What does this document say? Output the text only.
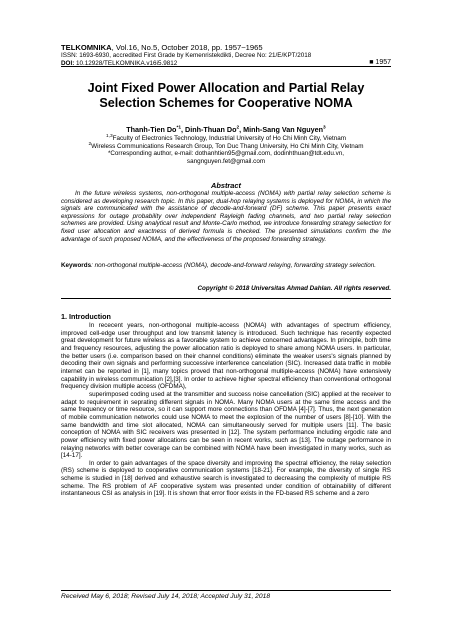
TELKOMNIKA, Vol.16, No.5, October 2018, pp. 1957~1965
ISSN: 1693-6930, accredited First Grade by Kemenristekdikti, Decree No: 21/E/KPT/2018
DOI: 10.12928/TELKOMNIKA.v16i5.9812	■ 1957
Joint Fixed Power Allocation and Partial Relay
Selection Schemes for Cooperative NOMA
Thanh-Tien Do$^{*1}$, Dinh-Thuan Do$^2$, Minh-Sang Van Nguyen$^3$
$^{1,3}$Faculty of Electronics Technology, Industrial University of Ho Chi Minh City, Vietnam
$^2$Wireless Communications Research Group, Ton Duc Thang University, Ho Chi Minh City, Vietnam
*Corresponding author, e-mail: dothanhtien95@gmail.com, dodinhthuan@tdt.edu.vn,
sangnguyen.fet@gmail.com
Abstract
In the future wireless systems, non-orthogonal multiple-access (NOMA) with partial relay selection scheme is considered as developing research topic. In this paper, dual-hop relaying systems is deployed for NOMA, in which the signals are communicated with the assistance of decode-and-forward (DF) scheme. This paper presents exact expressions for outage probability over independent Rayleigh fading channels, and two partial relay selection schemes are provided. Using analytical result and Monte-Carlo method, we introduce forwarding strategy selection for fixed user allocation and exactness of derived formula is checked. The presented simulations confirm the the advantage of such proposed NOMA, and the effectiveness of the proposed forwarding strategy.
Keywords: non-orthogonal multiple-access (NOMA), decode-and-forward relaying, forwarding strategy selection.
Copyright © 2018 Universitas Ahmad Dahlan. All rights reserved.
1. Introduction

In rececent years, non-orthogonal multiple-access (NOMA) with advantages of spectrum efficiency, improved cell-edge user throughput and low transmit latency is introduced. Such technique has recently expected great development for future wireless as a favorable system to achieve concerned advantages. In principle, both time and frequency resources, adjusting the power allocation ratio is deployed to share among NOMA users. In particular, the better users (i.e. comparison based on their channel conditions) eliminate the weaker users's signals planned by decoding their own signals and performing successive interference cancelation (SIC). Increased data traffic in mobile internet can be reported in [1], many topics proved that non-orthogonal multiple-access (NOMA) have extensively capability in wireless communication [2],[3]. In order to achieve higher spectral efficiency than conventional orthogonal frequency division multiple access (OFDMA),

superimposed coding used at the transmitter and success noise cancellation (SIC) applied at the receiver to adapt to requirement in seprating different signals in NOMA. Many NOMA users at the same time access and the same frequency or time resource, so it can support more connections than OFDMA [4]-[7]. Thus, the next generation of mobile communication networks could use NOMA to meet the explosion of the number of users [8]-[10]. With the same bandwidth and time slot allocated, NOMA can simultaneously served for multiple users [11]. The basic conception of NOMA with SIC receivers was presented in [12]. The system performance including ergodic rate and power efficiency with fixed power allocations can be seen in recent works, such as [13]. The outage performance in relaying networks with better coverage can be combined with NOMA have been investigated in many works, such as [14-17].

In order to gain advantages of the space diversity and improving the spectral efficiency, the relay selection (RS) scheme is deployed to cooperative communication systems [18-21]. For example, the diversity of single RS scheme is studied in [18] derived and exhaustive search is investigated to decreasing the complexity of multiple RS scheme. The RS problem of AF cooperative system was presented under condition of obtainability of different instantaneous CSI as analysis in [19]. It is shown that error floor exists in the FD-based RS scheme and a zero

Received May 6, 2018; Revised July 14, 2018; Accepted July 31, 2018
